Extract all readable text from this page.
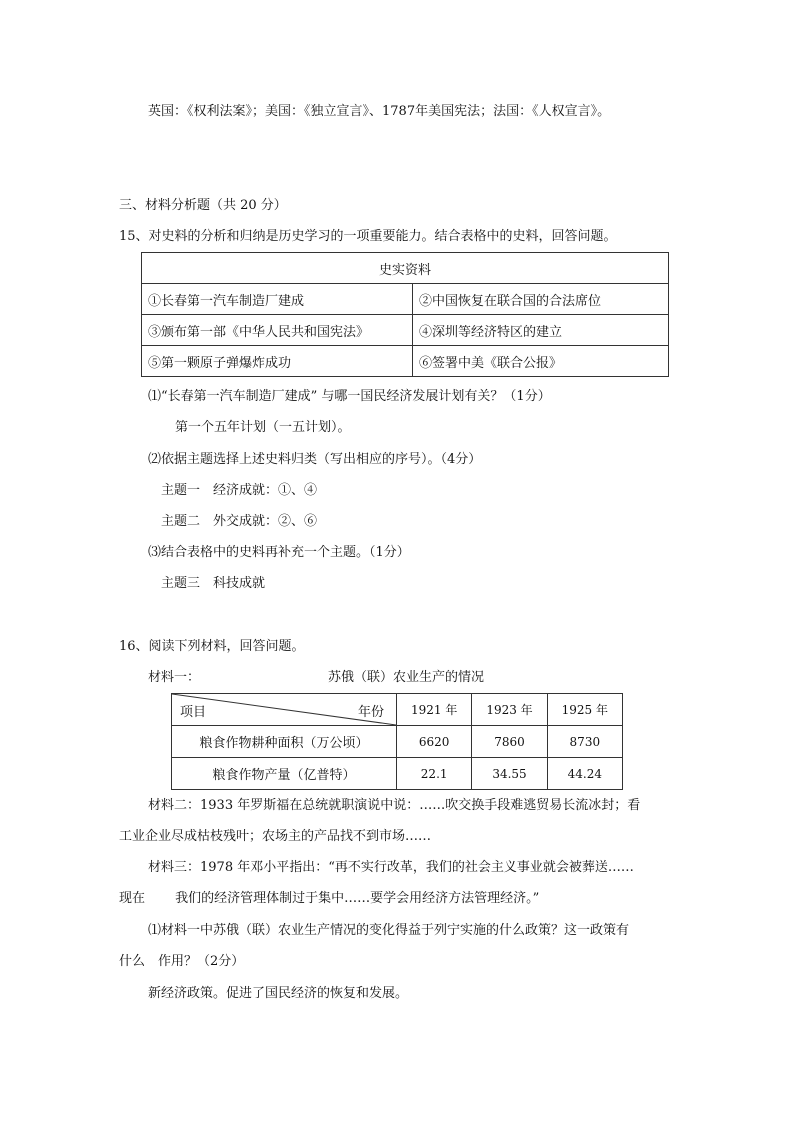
英国：《权利法案》；美国：《独立宣言》、1787年美国宪法；法国：《人权宣言》。
三、材料分析题（共 20 分）
15、对史料的分析和归纳是历史学习的一项重要能力。结合表格中的史料，回答问题。
史实资料	
①长春第一汽车制造厂建成	②中国恢复在联合国的合法席位
③颁布第一部《中华人民共和国宪法》	④深圳等经济特区的建立
⑤第一颗原子弹爆炸成功	⑥签署中美《联合公报》
⑴“长春第一汽车制造厂建成” 与哪一国民经济发展计划有关？（1分）
第一个五年计划（一五计划）。
⑵依据主题选择上述史料归类（写出相应的序号）。（4分）
主题一　经济成就：①、④
主题二　外交成就：②、⑥
⑶结合表格中的史料再补充一个主题。（1分）
主题三　科技成就
16、阅读下列材料，回答问题。
材料一：	苏俄（联）农业生产的情况
项目 年份	1921 年	1923 年	1925 年
粮食作物耕种面积（万公顷）	6620	7860	8730
粮食作物产量（亿普特）	22.1	34.55	44.24
材料二：1933 年罗斯福在总统就职演说中说：……吹交换手段难逃贸易长流冰封；看
工业企业尽成枯枝残叶；农场主的产品找不到市场……
材料三：1978 年邓小平指出：“再不实行改革，我们的社会主义事业就会被葬送……
现在　　 我们的经济管理体制过于集中……要学会用经济方法管理经济。”
⑴材料一中苏俄（联）农业生产情况的变化得益于列宁实施的什么政策？这一政策有
什么　作用？（2分）
新经济政策。促进了国民经济的恢复和发展。
